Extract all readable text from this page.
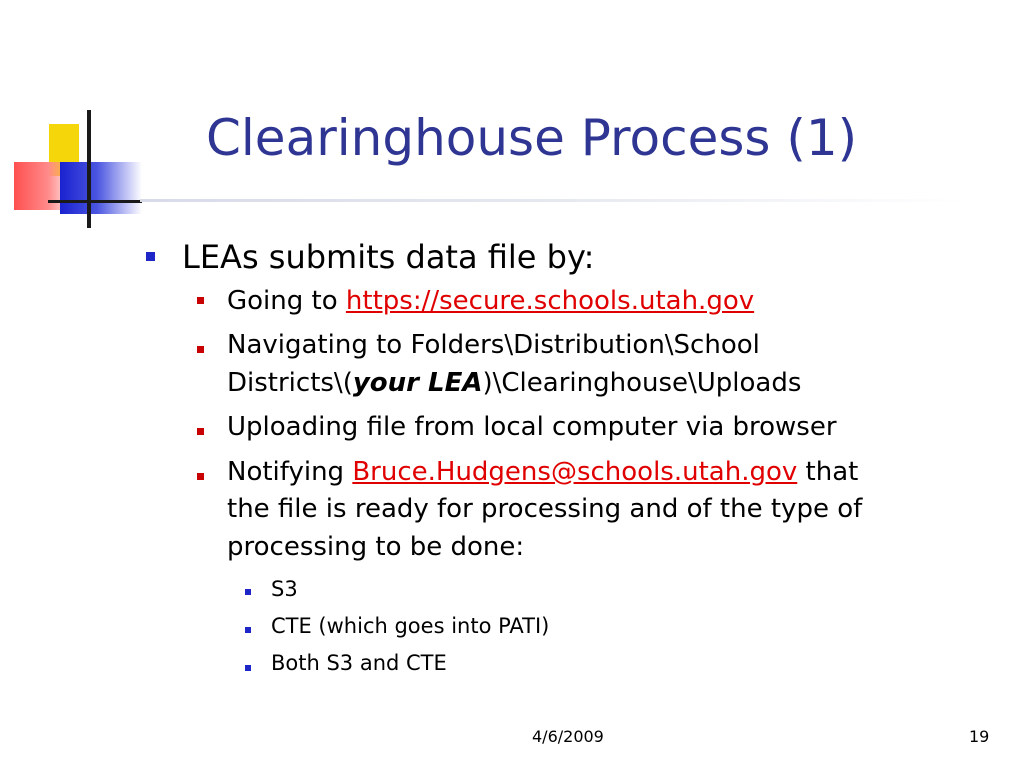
Clearinghouse Process (1)
LEAs submits data file by:
Going to https://secure.schools.utah.gov
Navigating to Folders\Distribution\School
Districts\(your LEA)\Clearinghouse\Uploads
Uploading file from local computer via browser
Notifying Bruce.Hudgens@schools.utah.gov that
the file is ready for processing and of the type of
processing to be done:
S3
CTE (which goes into PATI)
Both S3 and CTE
4/6/2009	19
